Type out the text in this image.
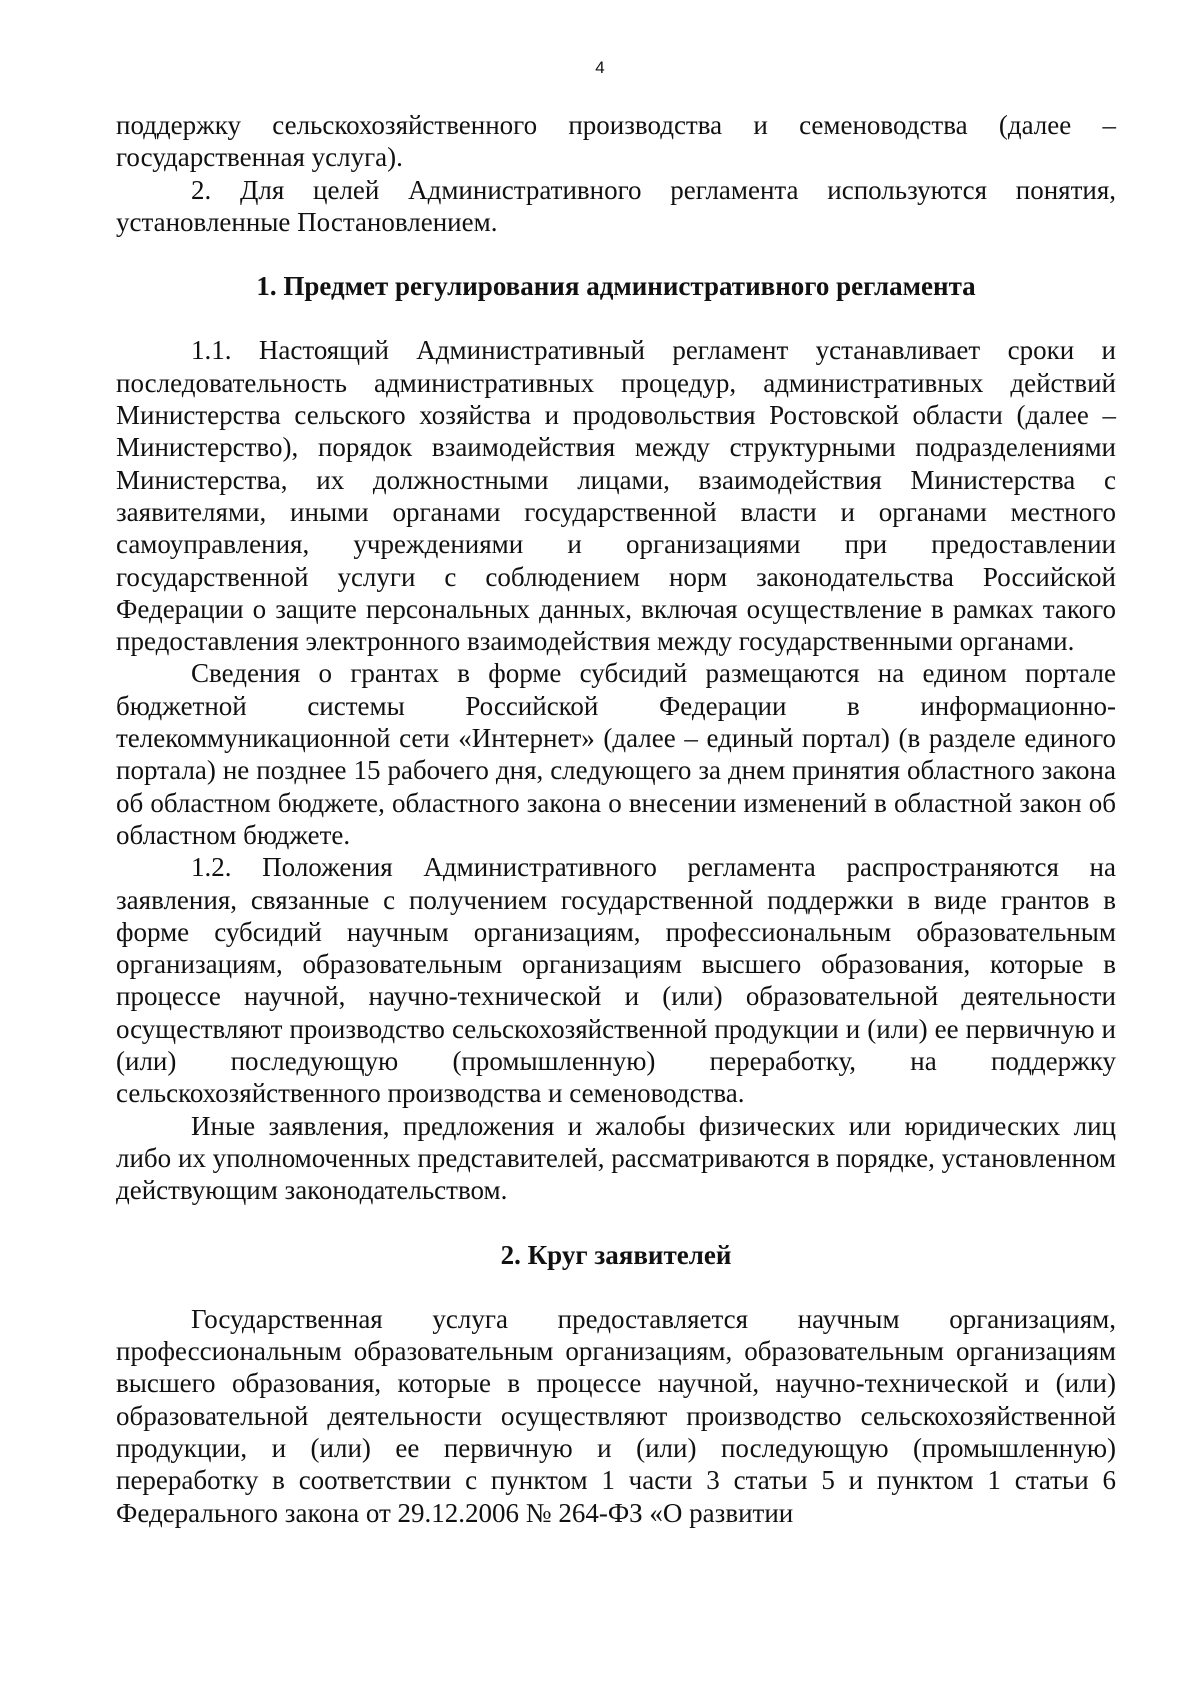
4

поддержку сельскохозяйственного производства и семеноводства (далее – государственная услуга).

2. Для целей Административного регламента используются понятия, установленные Постановлением.

1. Предмет регулирования административного регламента

1.1. Настоящий Административный регламент устанавливает сроки и последовательность административных процедур, административных действий Министерства сельского хозяйства и продовольствия Ростовской области (далее – Министерство), порядок взаимодействия между структурными подразделениями Министерства, их должностными лицами, взаимодействия Министерства с заявителями, иными органами государственной власти и органами местного самоуправления, учреждениями и организациями при предоставлении государственной услуги с соблюдением норм законодательства Российской Федерации о защите персональных данных, включая осуществление в рамках такого предоставления электронного взаимодействия между государственными органами.

Сведения о грантах в форме субсидий размещаются на едином портале бюджетной системы Российской Федерации в информационно-телекоммуникационной сети «Интернет» (далее – единый портал) (в разделе единого портала) не позднее 15 рабочего дня, следующего за днем принятия областного закона об областном бюджете, областного закона о внесении изменений в областной закон об областном бюджете.

1.2. Положения Административного регламента распространяются на заявления, связанные с получением государственной поддержки в виде грантов в форме субсидий научным организациям, профессиональным образовательным организациям, образовательным организациям высшего образования, которые в процессе научной, научно-технической и (или) образовательной деятельности осуществляют производство сельскохозяйственной продукции и (или) ее первичную и (или) последующую (промышленную) переработку, на поддержку сельскохозяйственного производства и семеноводства.

Иные заявления, предложения и жалобы физических или юридических лиц либо их уполномоченных представителей, рассматриваются в порядке, установленном действующим законодательством.

2. Круг заявителей

Государственная услуга предоставляется научным организациям, профессиональным образовательным организациям, образовательным организациям высшего образования, которые в процессе научной, научно-технической и (или) образовательной деятельности осуществляют производство сельскохозяйственной продукции, и (или) ее первичную и (или) последующую (промышленную) переработку в соответствии с пунктом 1 части 3 статьи 5 и пунктом 1 статьи 6 Федерального закона от 29.12.2006 № 264-ФЗ «О развитии
